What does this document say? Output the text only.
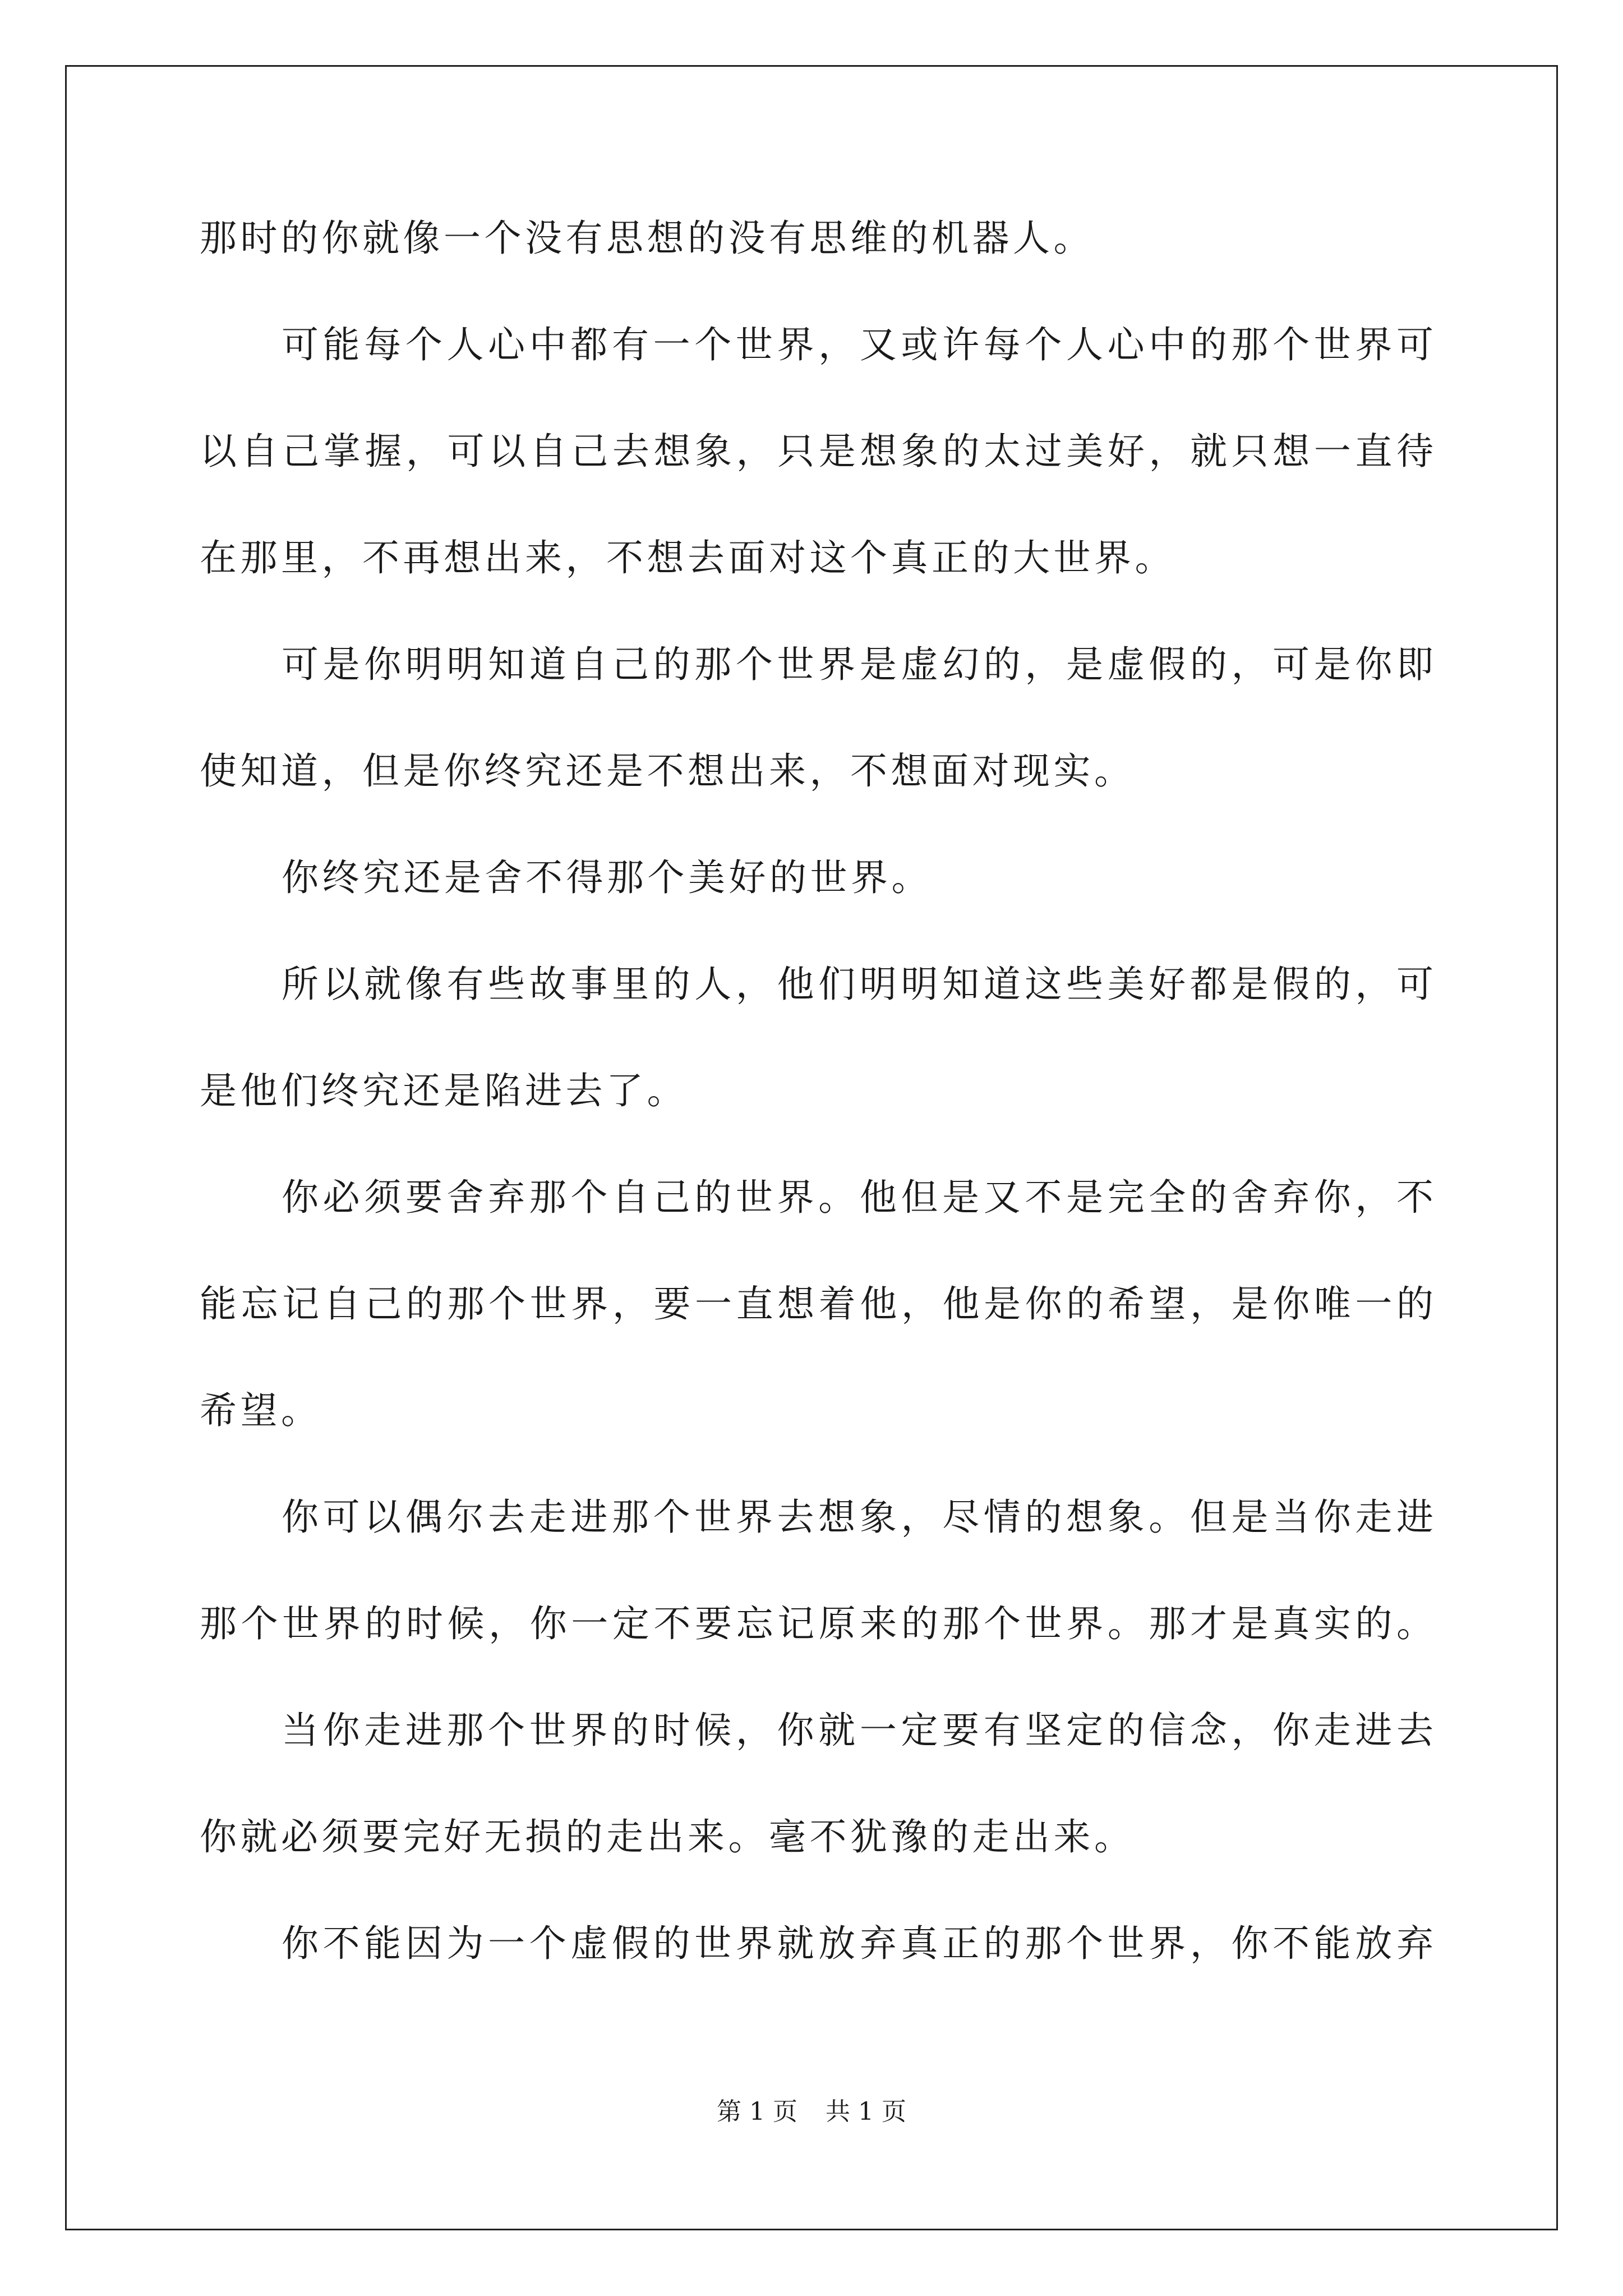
那时的你就像一个没有思想的没有思维的机器人。
可能每个人心中都有一个世界，又或许每个人心中的那个世界可
以自己掌握，可以自己去想象，只是想象的太过美好，就只想一直待
在那里，不再想出来，不想去面对这个真正的大世界。
可是你明明知道自己的那个世界是虚幻的，是虚假的，可是你即
使知道，但是你终究还是不想出来，不想面对现实。
你终究还是舍不得那个美好的世界。
所以就像有些故事里的人，他们明明知道这些美好都是假的，可
是他们终究还是陷进去了。
你必须要舍弃那个自己的世界。他但是又不是完全的舍弃你，不
能忘记自己的那个世界，要一直想着他，他是你的希望，是你唯一的
希望。
你可以偶尔去走进那个世界去想象，尽情的想象。但是当你走进
那个世界的时候，你一定不要忘记原来的那个世界。那才是真实的。
当你走进那个世界的时候，你就一定要有坚定的信念，你走进去
你就必须要完好无损的走出来。毫不犹豫的走出来。
你不能因为一个虚假的世界就放弃真正的那个世界，你不能放弃
第 1 页 共 1 页
